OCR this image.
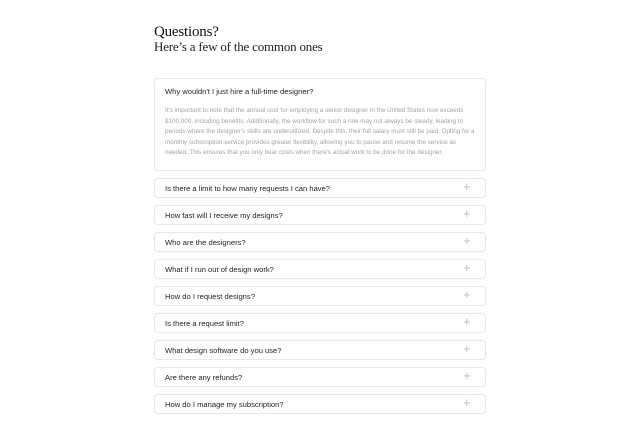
Questions?
Here’s a few of the common ones
Why wouldn't I just hire a full-time designer?

It's important to note that the annual cost for employing a senior designer in the United States now exceeds $100,000, including benefits. Additionally, the workflow for such a role may not always be steady, leading to periods where the designer's skills are underutilized. Despite this, their full salary must still be paid. Opting for a monthly subscription service provides greater flexibility, allowing you to pause and resume the service as needed. This ensures that you only bear costs when there's actual work to be done for the designer.

Is there a limit to how many requests I can have?	+
How fast will I receive my designs?	+
Who are the designers?	+
What if I run out of design work?	+
How do I request designs?	+
Is there a request limit?	+
What design software do you use?	+
Are there any refunds?	+
How do I manage my subscription?	+
